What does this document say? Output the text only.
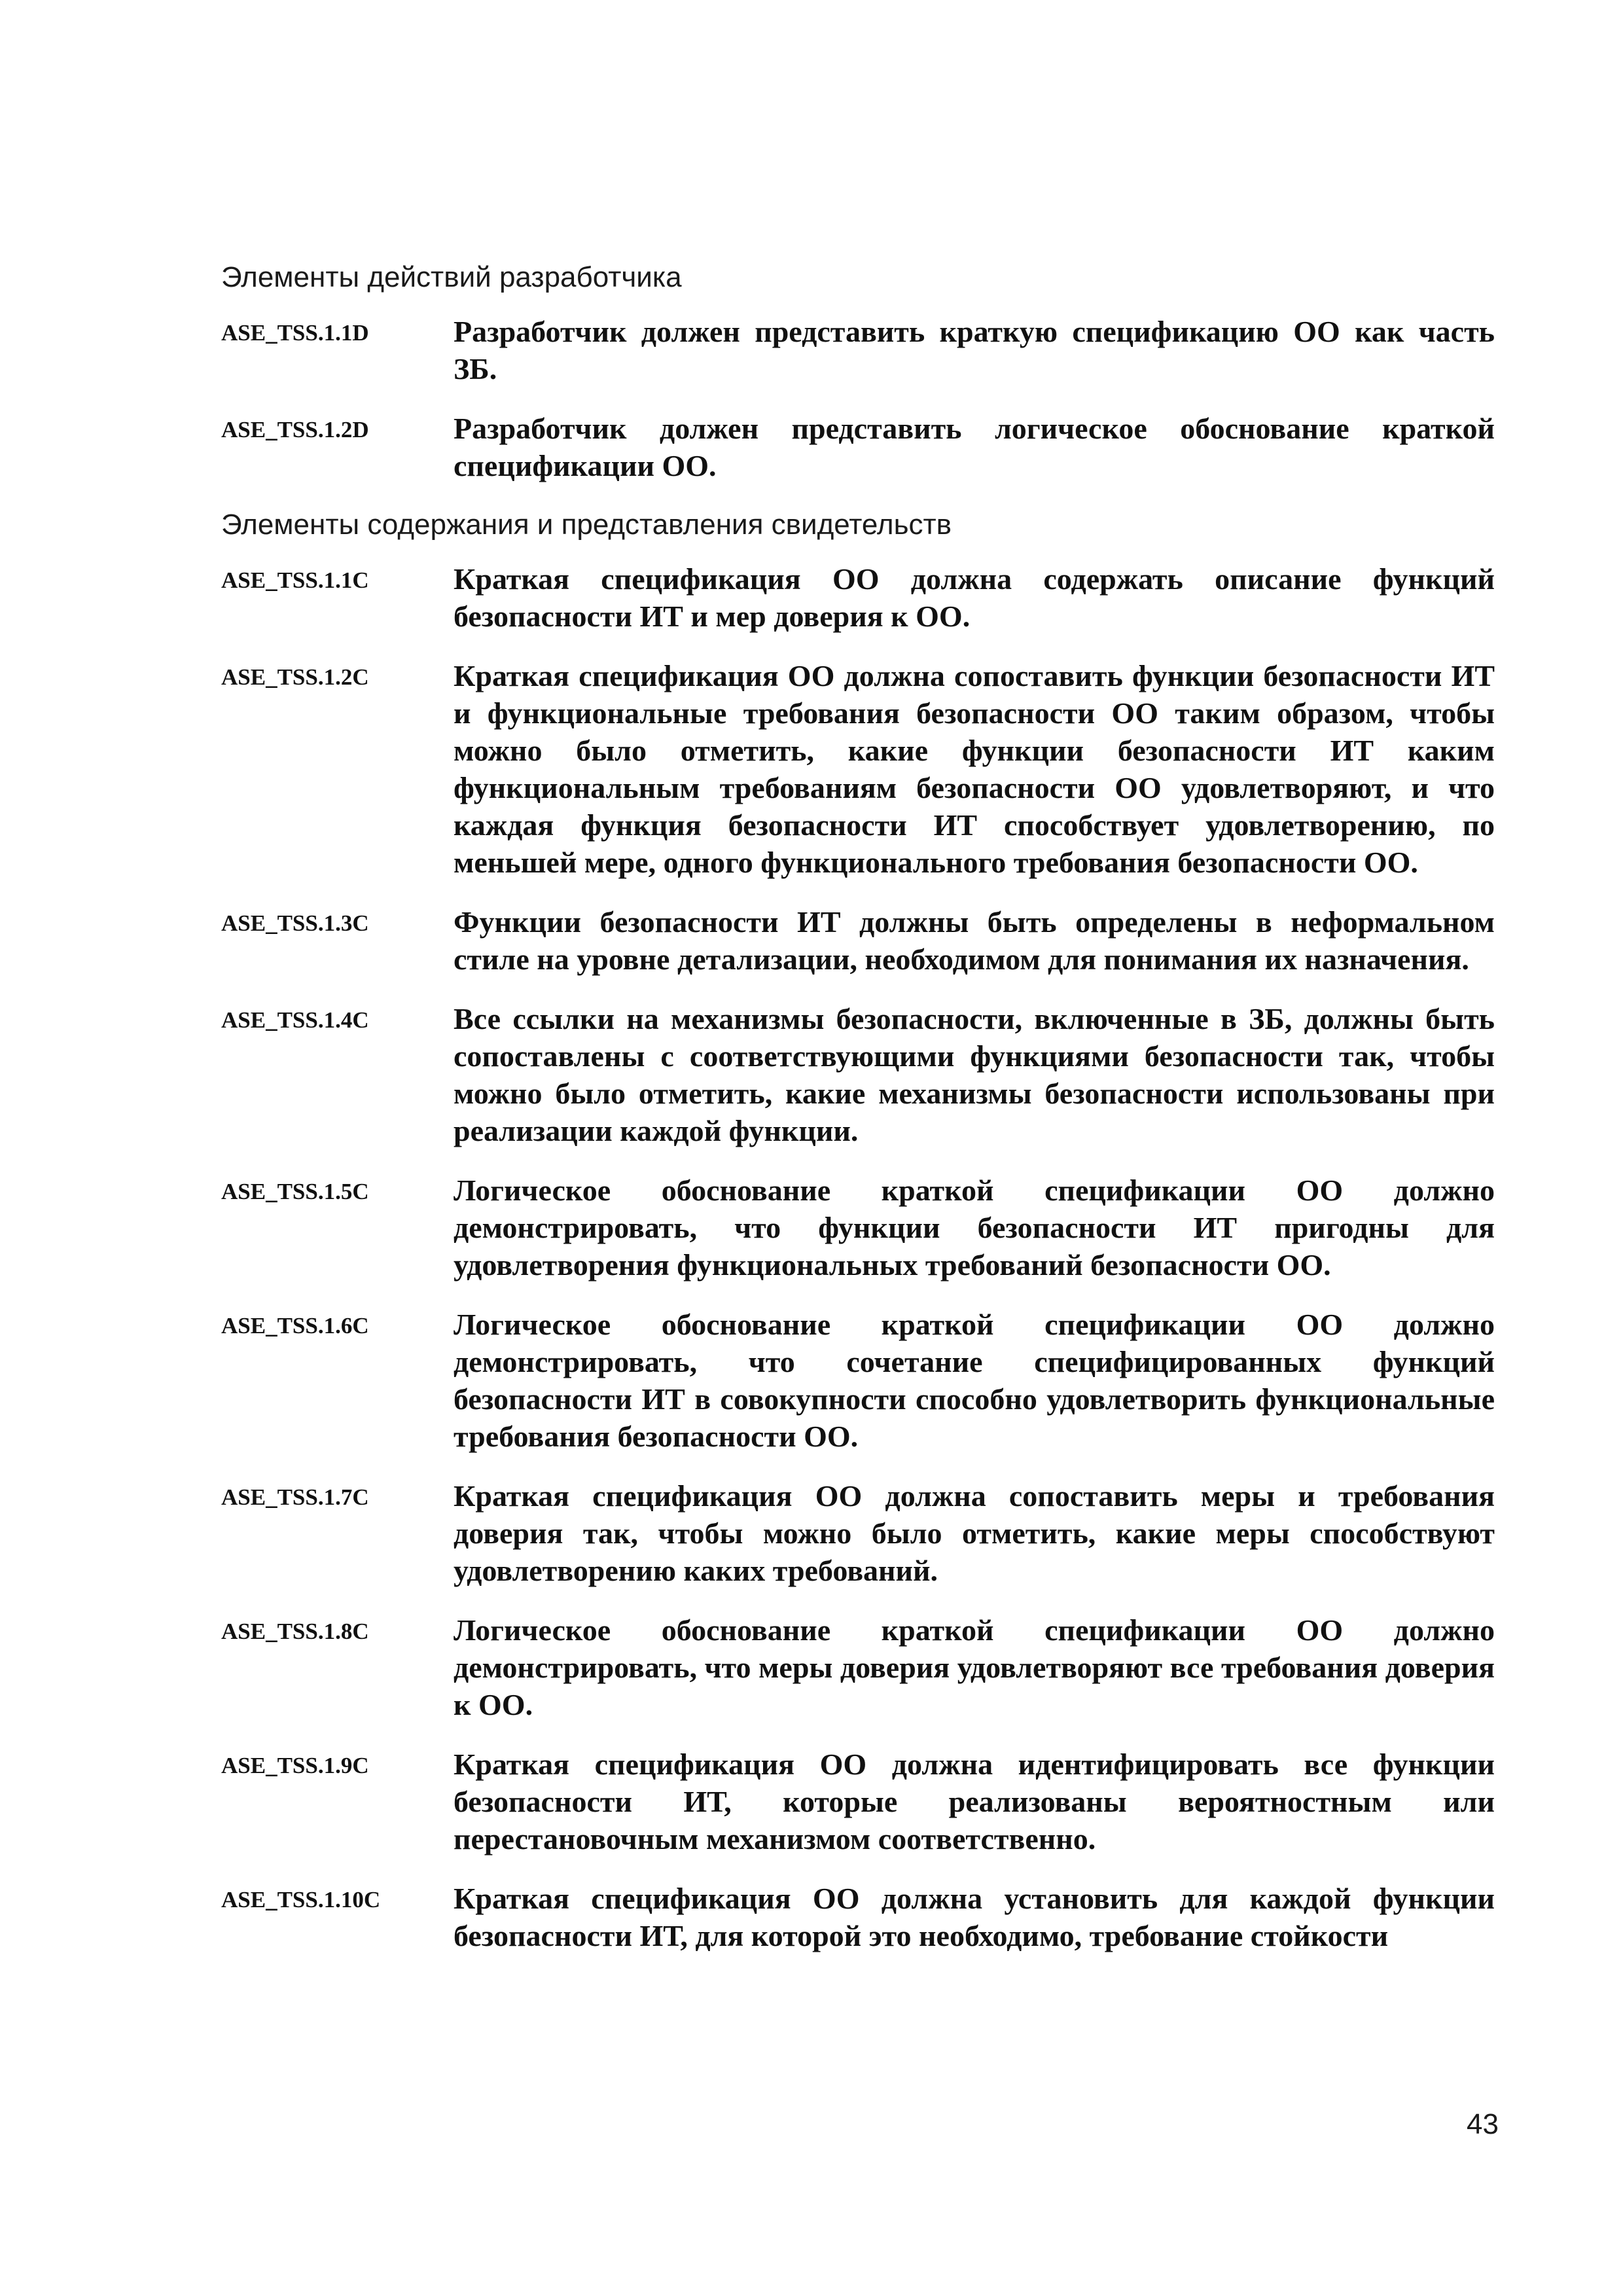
Элементы действий разработчика
ASE_TSS.1.1D	Разработчик должен представить краткую спецификацию ОО как часть ЗБ.
ASE_TSS.1.2D	Разработчик должен представить логическое обоснование краткой спецификации ОО.
Элементы содержания и представления свидетельств
ASE_TSS.1.1C	Краткая спецификация ОО должна содержать описание функций безопасности ИТ и мер доверия к ОО.
ASE_TSS.1.2C	Краткая спецификация ОО должна сопоставить функции безопасности ИТ и функциональные требования безопасности ОО таким образом, чтобы можно было отметить, какие функции безопасности ИТ каким функциональным требованиям безопасности ОО удовлетворяют, и что каждая функция безопасности ИТ способствует удовлетворению, по меньшей мере, одного функционального требования безопасности ОО.
ASE_TSS.1.3C	Функции безопасности ИТ должны быть определены в неформальном стиле на уровне детализации, необходимом для понимания их назначения.
ASE_TSS.1.4C	Все ссылки на механизмы безопасности, включенные в ЗБ, должны быть сопоставлены с соответствующими функциями безопасности так, чтобы можно было отметить, какие механизмы безопасности использованы при реализации каждой функции.
ASE_TSS.1.5C	Логическое обоснование краткой спецификации ОО должно демонстрировать, что функции безопасности ИТ пригодны для удовлетворения функциональных требований безопасности ОО.
ASE_TSS.1.6C	Логическое обоснование краткой спецификации ОО должно демонстрировать, что сочетание специфицированных функций безопасности ИТ в совокупности способно удовлетворить функциональные требования безопасности ОО.
ASE_TSS.1.7C	Краткая спецификация ОО должна сопоставить меры и требования доверия так, чтобы можно было отметить, какие меры способствуют удовлетворению каких требований.
ASE_TSS.1.8C	Логическое обоснование краткой спецификации ОО должно демонстрировать, что меры доверия удовлетворяют все требования доверия к ОО.
ASE_TSS.1.9C	Краткая спецификация ОО должна идентифицировать все функции безопасности ИТ, которые реализованы вероятностным или перестановочным механизмом соответственно.
ASE_TSS.1.10C	Краткая спецификация ОО должна установить для каждой функции безопасности ИТ, для которой это необходимо, требование стойкости
43
